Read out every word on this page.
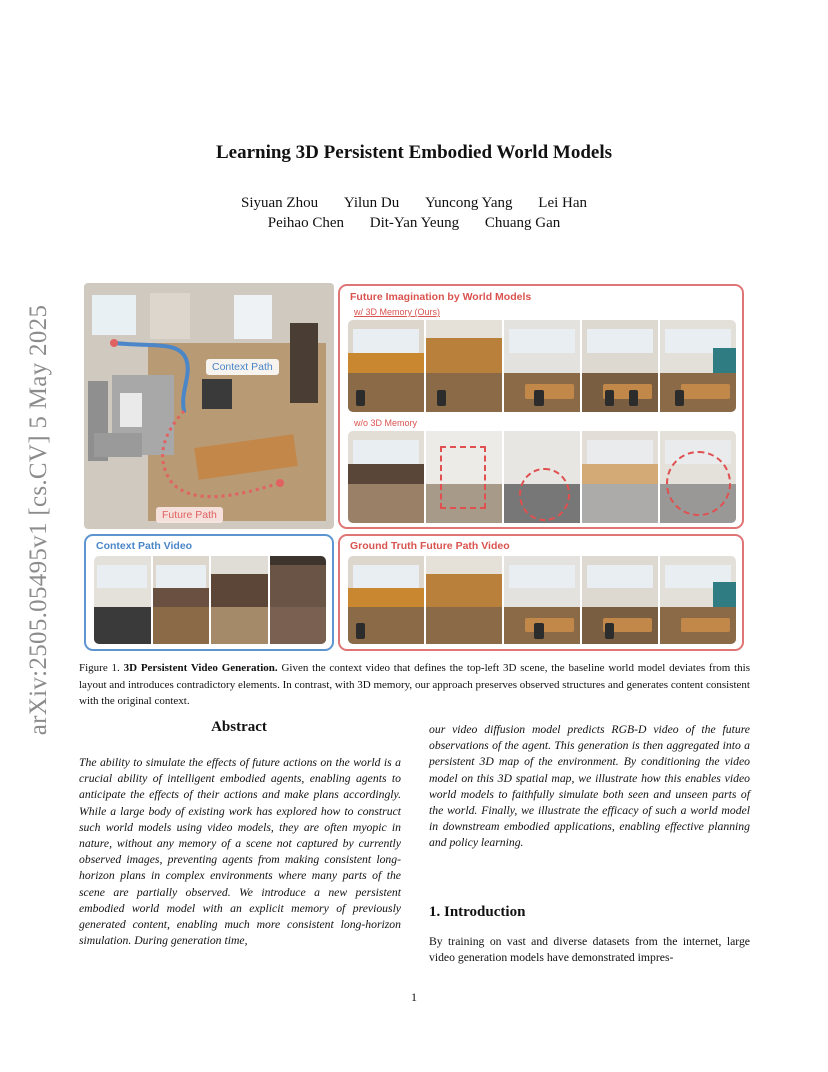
arXiv:2505.05495v1 [cs.CV] 5 May 2025
Learning 3D Persistent Embodied World Models
Siyuan Zhou Yilun Du Yuncong Yang Lei Han
Peihao Chen Dit-Yan Yeung Chuang Gan
Context Path
Future Path
Future Imagination by World Models
w/ 3D Memory (Ours)
w/o 3D Memory
Context Path Video	Ground Truth Future Path Video
Figure 1. 3D Persistent Video Generation. Given the context video that defines the top-left 3D scene, the baseline world model deviates from this layout and introduces contradictory elements. In contrast, with 3D memory, our approach preserves observed structures and generates content consistent with the original context.
Abstract
The ability to simulate the effects of future actions on the world is a crucial ability of intelligent embodied agents, enabling agents to anticipate the effects of their actions and make plans accordingly. While a large body of existing work has explored how to construct such world models using video models, they are often myopic in nature, without any memory of a scene not captured by currently observed images, preventing agents from making consistent long-horizon plans in complex environments where many parts of the scene are partially observed. We introduce a new persistent embodied world model with an explicit memory of previously generated content, enabling much more consistent long-horizon simulation. During generation time,
our video diffusion model predicts RGB-D video of the future observations of the agent. This generation is then aggregated into a persistent 3D map of the environment. By conditioning the video model on this 3D spatial map, we illustrate how this enables video world models to faithfully simulate both seen and unseen parts of the world. Finally, we illustrate the efficacy of such a world model in downstream embodied applications, enabling effective planning and policy learning.
1. Introduction
By training on vast and diverse datasets from the internet, large video generation models have demonstrated impres-
1
